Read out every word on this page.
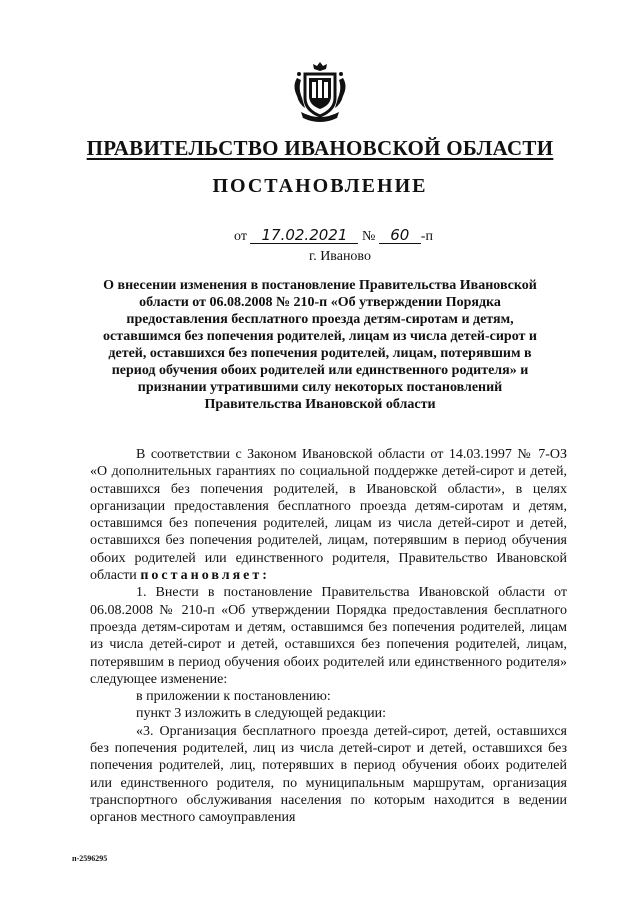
ПРАВИТЕЛЬСТВО ИВАНОВСКОЙ ОБЛАСТИ
ПОСТАНОВЛЕНИЕ
от 17.02.2021 № 60 -п
г. Иваново
О внесении изменения в постановление Правительства Ивановской области от 06.08.2008 № 210-п «Об утверждении Порядка предоставления бесплатного проезда детям-сиротам и детям, оставшимся без попечения родителей, лицам из числа детей-сирот и детей, оставшихся без попечения родителей, лицам, потерявшим в период обучения обоих родителей или единственного родителя» и признании утратившими силу некоторых постановлений Правительства Ивановской области

В соответствии с Законом Ивановской области от 14.03.1997 № 7-ОЗ «О дополнительных гарантиях по социальной поддержке детей-сирот и детей, оставшихся без попечения родителей, в Ивановской области», в целях организации предоставления бесплатного проезда детям-сиротам и детям, оставшимся без попечения родителей, лицам из числа детей-сирот и детей, оставшихся без попечения родителей, лицам, потерявшим в период обучения обоих родителей или единственного родителя, Правительство Ивановской области постановляет:

1. Внести в постановление Правительства Ивановской области от 06.08.2008 № 210-п «Об утверждении Порядка предоставления бесплатного проезда детям-сиротам и детям, оставшимся без попечения родителей, лицам из числа детей-сирот и детей, оставшихся без попечения родителей, лицам, потерявшим в период обучения обоих родителей или единственного родителя» следующее изменение:

в приложении к постановлению:

пункт 3 изложить в следующей редакции:

«3. Организация бесплатного проезда детей-сирот, детей, оставшихся без попечения родителей, лиц из числа детей-сирот и детей, оставшихся без попечения родителей, лиц, потерявших в период обучения обоих родителей или единственного родителя, по муниципальным маршрутам, организация транспортного обслуживания населения по которым находится в ведении органов местного самоуправления

п-2596295
